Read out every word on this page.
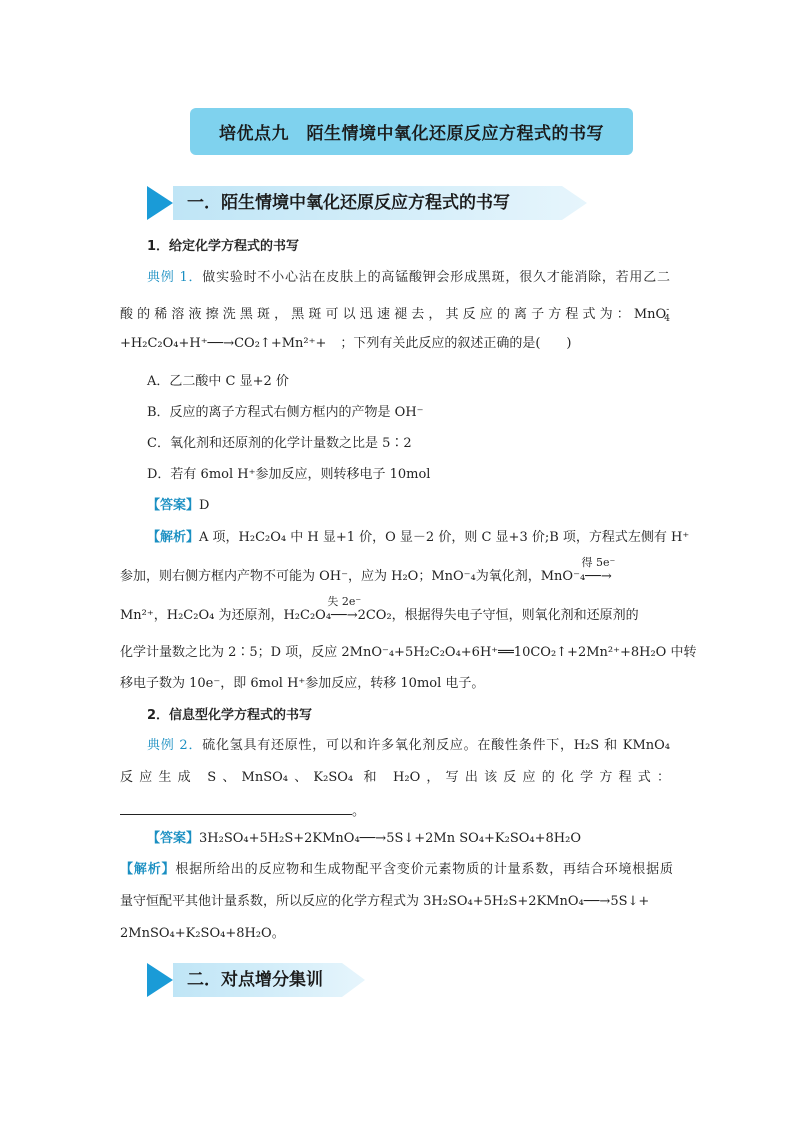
培优点九　陌生情境中氧化还原反应方程式的书写
一．陌生情境中氧化还原反应方程式的书写
1．给定化学方程式的书写
典例 1．做实验时不小心沾在皮肤上的高锰酸钾会形成黑斑，很久才能消除，若用乙二
酸的稀溶液擦洗黑斑，黑斑可以迅速褪去，其反应的离子方程式为：MnO-$_4$
+H₂C₂O₄+H⁺──→CO₂↑+Mn²⁺+ ；下列有关此反应的叙述正确的是(　　)
A．乙二酸中 C 显+2 价
B．反应的离子方程式右侧方框内的产物是 OH⁻
C．氧化剂和还原剂的化学计量数之比是 5∶2
D．若有 6mol H⁺参加反应，则转移电子 10mol
【答案】D
【解析】A 项，H₂C₂O₄ 中 H 显+1 价，O 显－2 价，则 C 显+3 价;B 项，方程式左侧有 H⁺
参加，则右侧方框内产物不可能为 OH⁻，应为 H₂O；MnO⁻₄为氧化剂，MnO⁻₄
得 5e⁻
──→
Mn²⁺，H₂C₂O₄ 为还原剂，H₂C₂O₄
失 2e⁻
──→2CO₂，根据得失电子守恒，则氧化剂和还原剂的
化学计量数之比为 2∶5；D 项，反应 2MnO⁻₄+5H₂C₂O₄+6H⁺══10CO₂↑+2Mn²⁺+8H₂O 中转
移电子数为 10e⁻，即 6mol H⁺参加反应，转移 10mol 电子。
2．信息型化学方程式的书写
典例 2．硫化氢具有还原性，可以和许多氧化剂反应。在酸性条件下，H₂S 和 KMnO₄
反应生成 S、MnSO₄、K₂SO₄ 和 H₂O，写出该反应的化学方程式：
。
【答案】3H₂SO₄+5H₂S+2KMnO₄──→5S↓+2Mn SO₄+K₂SO₄+8H₂O
【解析】根据所给出的反应物和生成物配平含变价元素物质的计量系数，再结合环境根据质
量守恒配平其他计量系数，所以反应的化学方程式为 3H₂SO₄+5H₂S+2KMnO₄──→5S↓+
2MnSO₄+K₂SO₄+8H₂O。
二．对点增分集训
